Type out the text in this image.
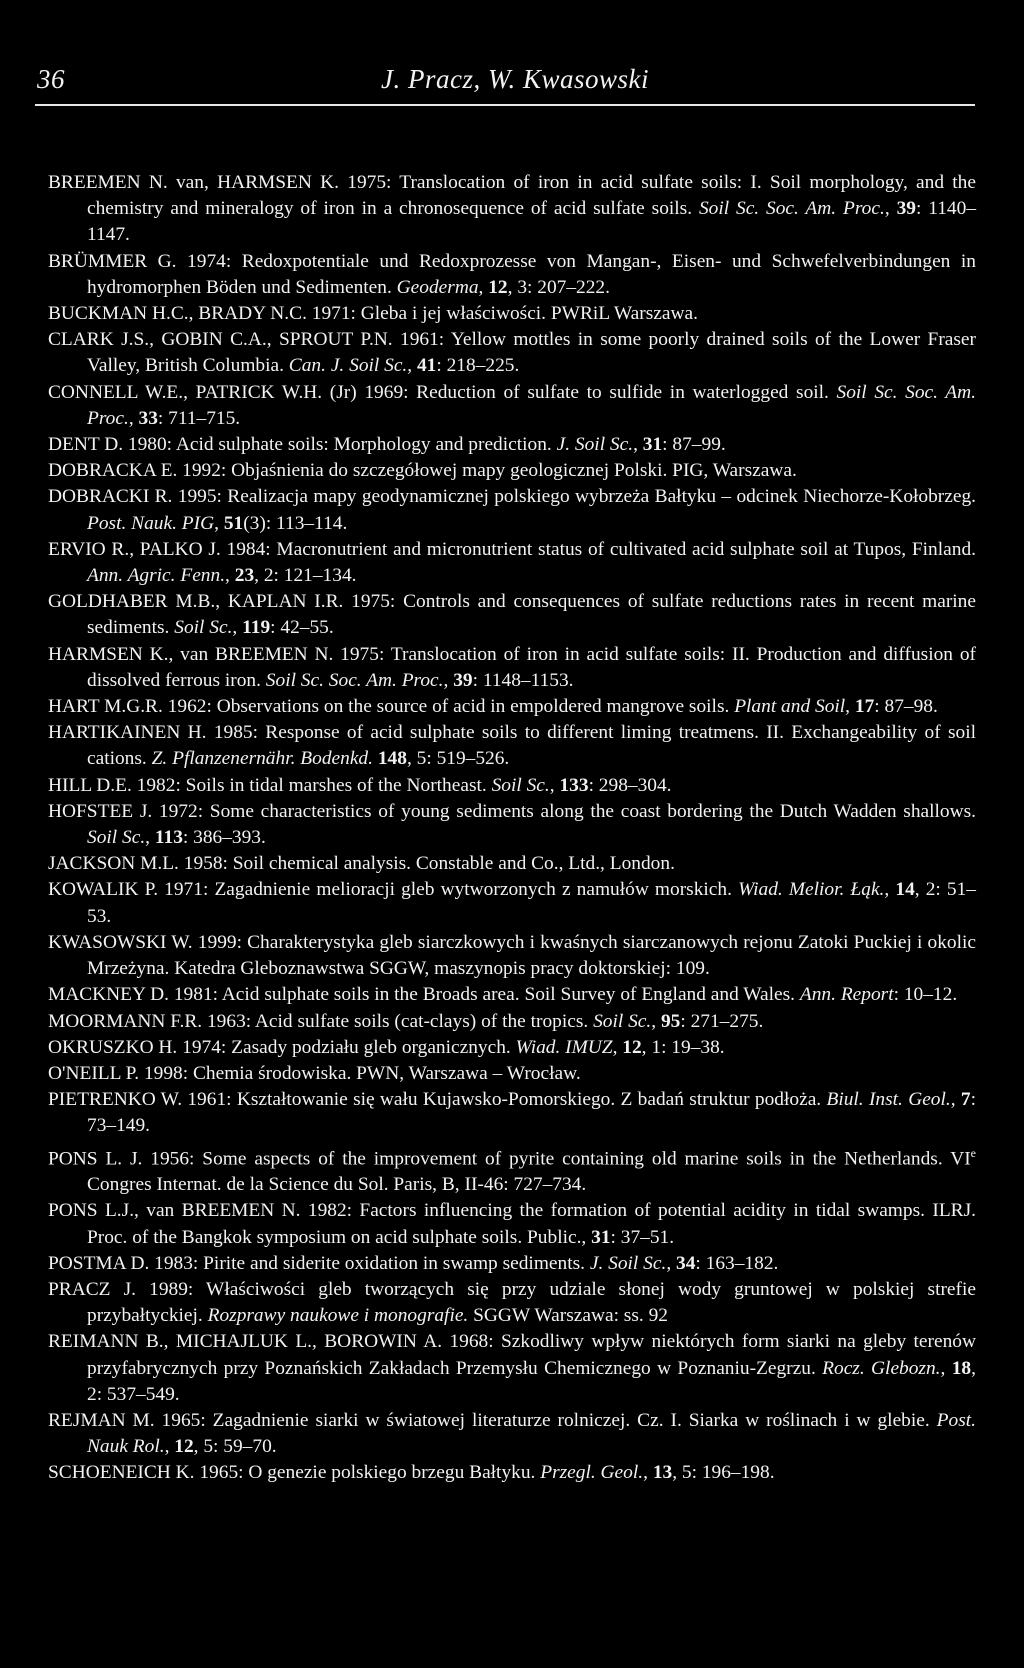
36	J. Pracz, W. Kwasowski
BREEMEN N. van, HARMSEN K. 1975: Translocation of iron in acid sulfate soils: I. Soil morphology, and the chemistry and mineralogy of iron in a chronosequence of acid sulfate soils. Soil Sc. Soc. Am. Proc., 39: 1140–1147.
BRÜMMER G. 1974: Redoxpotentiale und Redoxprozesse von Mangan-, Eisen- und Schwefelverbindungen in hydromorphen Böden und Sedimenten. Geoderma, 12, 3: 207–222.
BUCKMAN H.C., BRADY N.C. 1971: Gleba i jej właściwości. PWRiL Warszawa.
CLARK J.S., GOBIN C.A., SPROUT P.N. 1961: Yellow mottles in some poorly drained soils of the Lower Fraser Valley, British Columbia. Can. J. Soil Sc., 41: 218–225.
CONNELL W.E., PATRICK W.H. (Jr) 1969: Reduction of sulfate to sulfide in waterlogged soil. Soil Sc. Soc. Am. Proc., 33: 711–715.
DENT D. 1980: Acid sulphate soils: Morphology and prediction. J. Soil Sc., 31: 87–99.
DOBRACKA E. 1992: Objaśnienia do szczegółowej mapy geologicznej Polski. PIG, Warszawa.
DOBRACKI R. 1995: Realizacja mapy geodynamicznej polskiego wybrzeża Bałtyku – odcinek Niechorze-Kołobrzeg. Post. Nauk. PIG, 51(3): 113–114.
ERVIO R., PALKO J. 1984: Macronutrient and micronutrient status of cultivated acid sulphate soil at Tupos, Finland. Ann. Agric. Fenn., 23, 2: 121–134.
GOLDHABER M.B., KAPLAN I.R. 1975: Controls and consequences of sulfate reductions rates in recent marine sediments. Soil Sc., 119: 42–55.
HARMSEN K., van BREEMEN N. 1975: Translocation of iron in acid sulfate soils: II. Production and diffusion of dissolved ferrous iron. Soil Sc. Soc. Am. Proc., 39: 1148–1153.
HART M.G.R. 1962: Observations on the source of acid in empoldered mangrove soils. Plant and Soil, 17: 87–98.
HARTIKAINEN H. 1985: Response of acid sulphate soils to different liming treatmens. II. Exchangeability of soil cations. Z. Pflanzenernähr. Bodenkd. 148, 5: 519–526.
HILL D.E. 1982: Soils in tidal marshes of the Northeast. Soil Sc., 133: 298–304.
HOFSTEE J. 1972: Some characteristics of young sediments along the coast bordering the Dutch Wadden shallows. Soil Sc., 113: 386–393.
JACKSON M.L. 1958: Soil chemical analysis. Constable and Co., Ltd., London.
KOWALIK P. 1971: Zagadnienie melioracji gleb wytworzonych z namułów morskich. Wiad. Melior. Łąk., 14, 2: 51–53.
KWASOWSKI W. 1999: Charakterystyka gleb siarczkowych i kwaśnych siarczanowych rejonu Zatoki Puckiej i okolic Mrzeżyna. Katedra Gleboznawstwa SGGW, maszynopis pracy doktorskiej: 109.
MACKNEY D. 1981: Acid sulphate soils in the Broads area. Soil Survey of England and Wales. Ann. Report: 10–12.
MOORMANN F.R. 1963: Acid sulfate soils (cat-clays) of the tropics. Soil Sc., 95: 271–275.
OKRUSZKO H. 1974: Zasady podziału gleb organicznych. Wiad. IMUZ, 12, 1: 19–38.
O'NEILL P. 1998: Chemia środowiska. PWN, Warszawa – Wrocław.
PIETRENKO W. 1961: Kształtowanie się wału Kujawsko-Pomorskiego. Z badań struktur podłoża. Biul. Inst. Geol., 7: 73–149.
PONS L. J. 1956: Some aspects of the improvement of pyrite containing old marine soils in the Netherlands. VIe Congres Internat. de la Science du Sol. Paris, B, II-46: 727–734.
PONS L.J., van BREEMEN N. 1982: Factors influencing the formation of potential acidity in tidal swamps. ILRJ. Proc. of the Bangkok symposium on acid sulphate soils. Public., 31: 37–51.
POSTMA D. 1983: Pirite and siderite oxidation in swamp sediments. J. Soil Sc., 34: 163–182.
PRACZ J. 1989: Właściwości gleb tworzących się przy udziale słonej wody gruntowej w polskiej strefie przybałtyckiej. Rozprawy naukowe i monografie. SGGW Warszawa: ss. 92
REIMANN B., MICHAJLUK L., BOROWIN A. 1968: Szkodliwy wpływ niektórych form siarki na gleby terenów przyfabrycznych przy Poznańskich Zakładach Przemysłu Chemicznego w Poznaniu-Zegrzu. Rocz. Glebozn., 18, 2: 537–549.
REJMAN M. 1965: Zagadnienie siarki w światowej literaturze rolniczej. Cz. I. Siarka w roślinach i w glebie. Post. Nauk Rol., 12, 5: 59–70.
SCHOENEICH K. 1965: O genezie polskiego brzegu Bałtyku. Przegl. Geol., 13, 5: 196–198.
